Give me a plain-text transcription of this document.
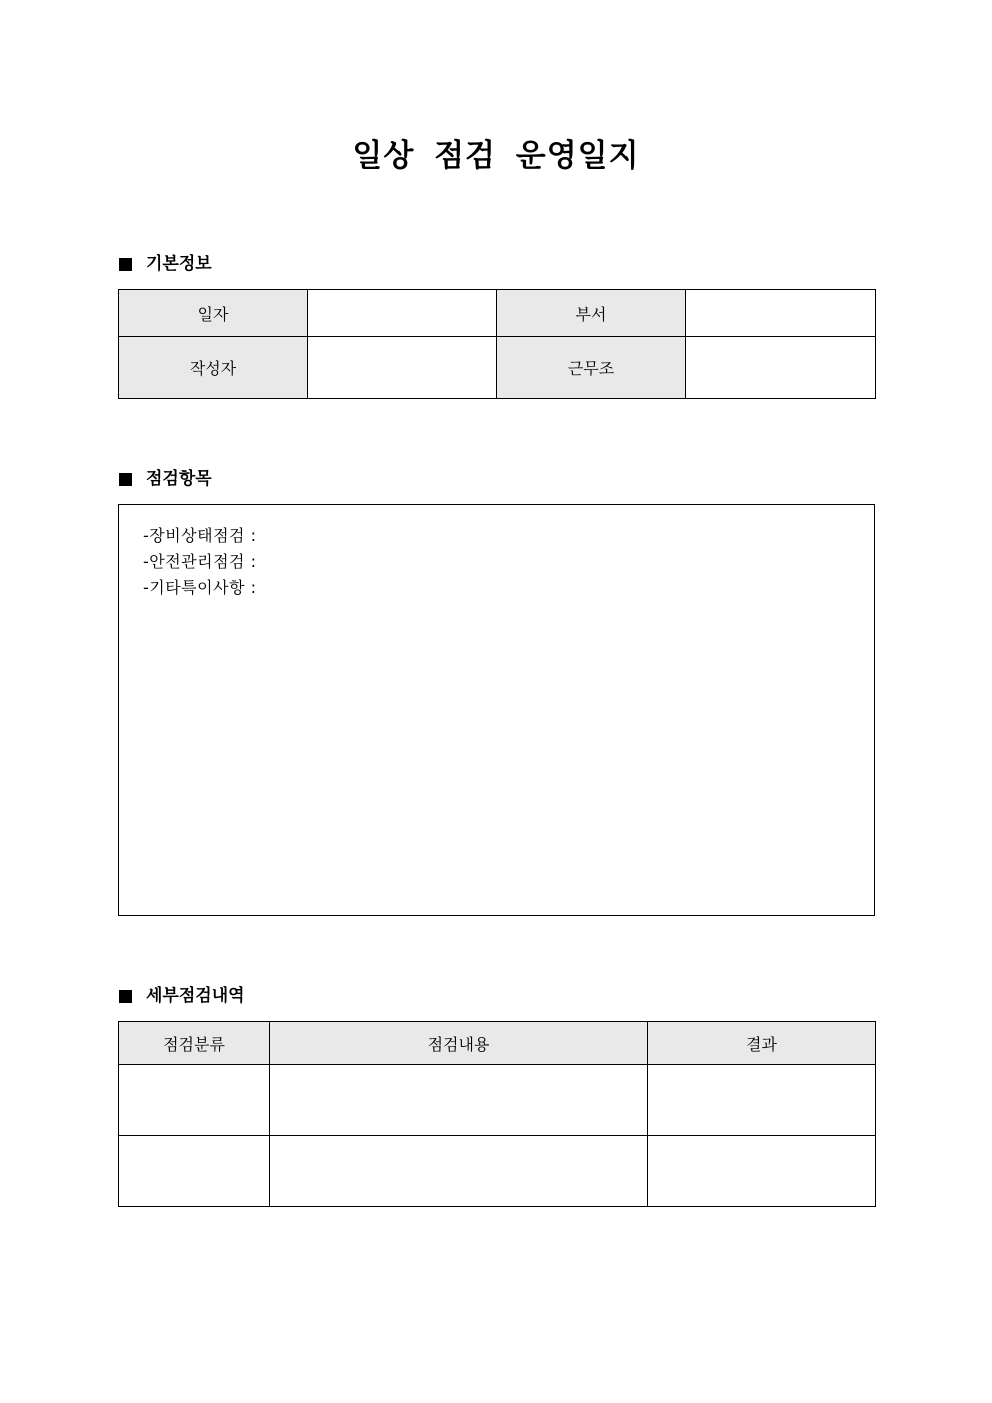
일상 점검 운영일지
기본정보
일자		부서	
작성자		근무조	
점검항목
-장비상태점검 :
-안전관리점검 :
-기타특이사항 :
세부점검내역
점검분류	점검내용	결과
